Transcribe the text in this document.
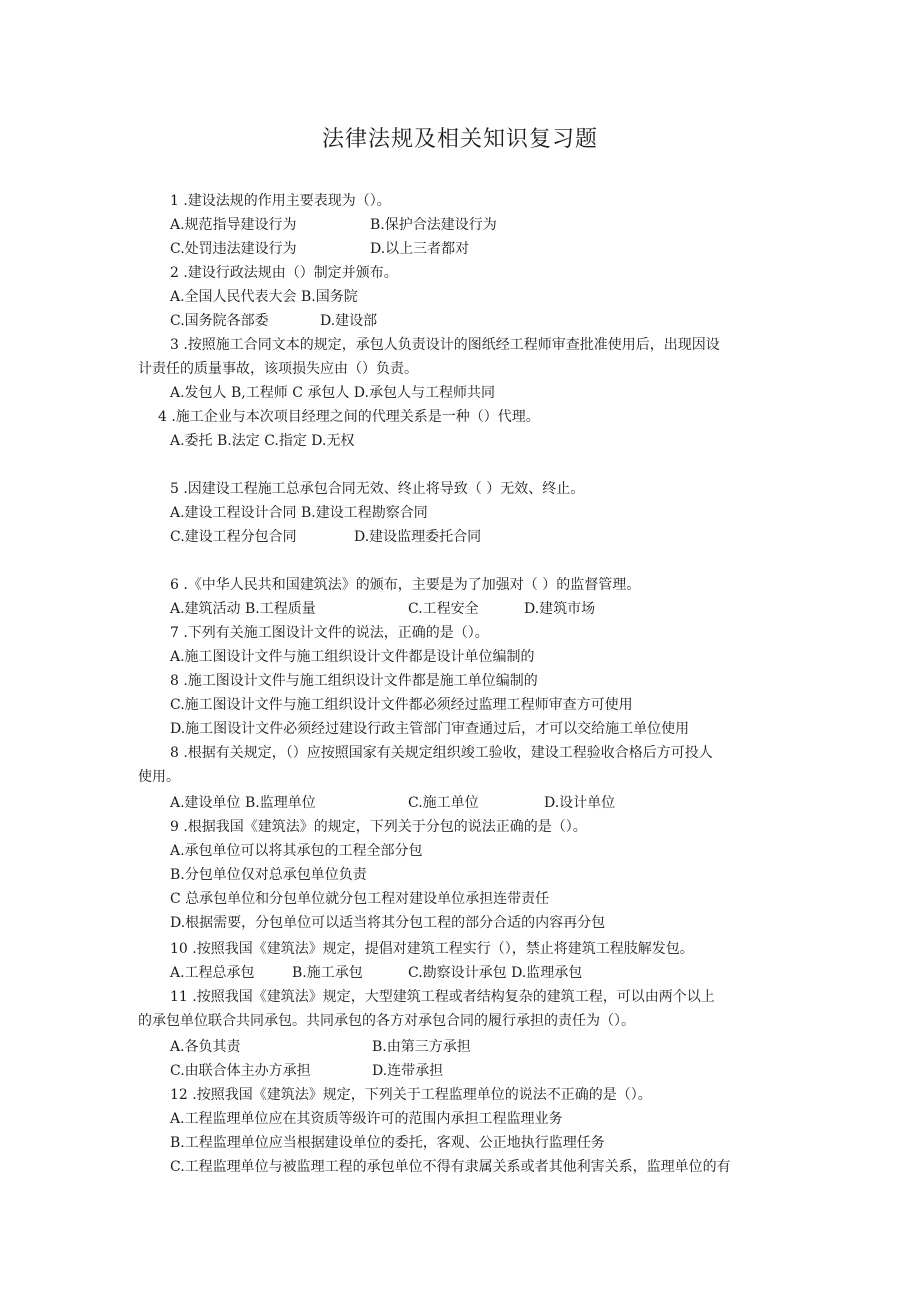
法律法规及相关知识复习题
1 .建设法规的作用主要表现为（）。
A.规范指导建设行为	B.保护合法建设行为
C.处罚违法建设行为	D.以上三者都对
2 .建设行政法规由（）制定并颁布。
A.全国人民代表大会 B.国务院
C.国务院各部委	D.建设部
3 .按照施工合同文本的规定，承包人负责设计的图纸经工程师审查批准使用后，出现因设
计责任的质量事故，该项损失应由（）负责。
A.发包人 B,工程师 C 承包人 D.承包人与工程师共同
4 .施工企业与本次项目经理之间的代理关系是一种（）代理。
A.委托 B.法定 C.指定 D.无权
5 .因建设工程施工总承包合同无效、终止将导致（ ）无效、终止。
A.建设工程设计合同 B.建设工程勘察合同
C.建设工程分包合同	D.建设监理委托合同
6 .《中华人民共和国建筑法》的颁布，主要是为了加强对（ ）的监督管理。
A.建筑活动 B.工程质量	C.工程安全	D.建筑市场
7 .下列有关施工图设计文件的说法，正确的是（）。
A.施工图设计文件与施工组织设计文件都是设计单位编制的
8 .施工图设计文件与施工组织设计文件都是施工单位编制的
C.施工图设计文件与施工组织设计文件都必须经过监理工程师审查方可使用
D.施工图设计文件必须经过建设行政主管部门审查通过后，才可以交给施工单位使用
8 .根据有关规定，（）应按照国家有关规定组织竣工验收，建设工程验收合格后方可投人
使用。
A.建设单位 B.监理单位	C.施工单位	D.设计单位
9 .根据我国《建筑法》的规定，下列关于分包的说法正确的是（）。
A.承包单位可以将其承包的工程全部分包
B.分包单位仅对总承包单位负责
C 总承包单位和分包单位就分包工程对建设单位承担连带责任
D.根据需要，分包单位可以适当将其分包工程的部分合适的内容再分包
10 .按照我国《建筑法》规定，提倡对建筑工程实行（），禁止将建筑工程肢解发包。
A.工程总承包	B.施工承包	C.勘察设计承包 D.监理承包
11 .按照我国《建筑法》规定，大型建筑工程或者结构复杂的建筑工程，可以由两个以上
的承包单位联合共同承包。共同承包的各方对承包合同的履行承担的责任为（）。
A.各负其责	B.由第三方承担
C.由联合体主办方承担	D.连带承担
12 .按照我国《建筑法》规定，下列关于工程监理单位的说法不正确的是（）。
A.工程监理单位应在其资质等级许可的范围内承担工程监理业务
B.工程监理单位应当根据建设单位的委托，客观、公正地执行监理任务
C.工程监理单位与被监理工程的承包单位不得有隶属关系或者其他利害关系，监理单位的有
